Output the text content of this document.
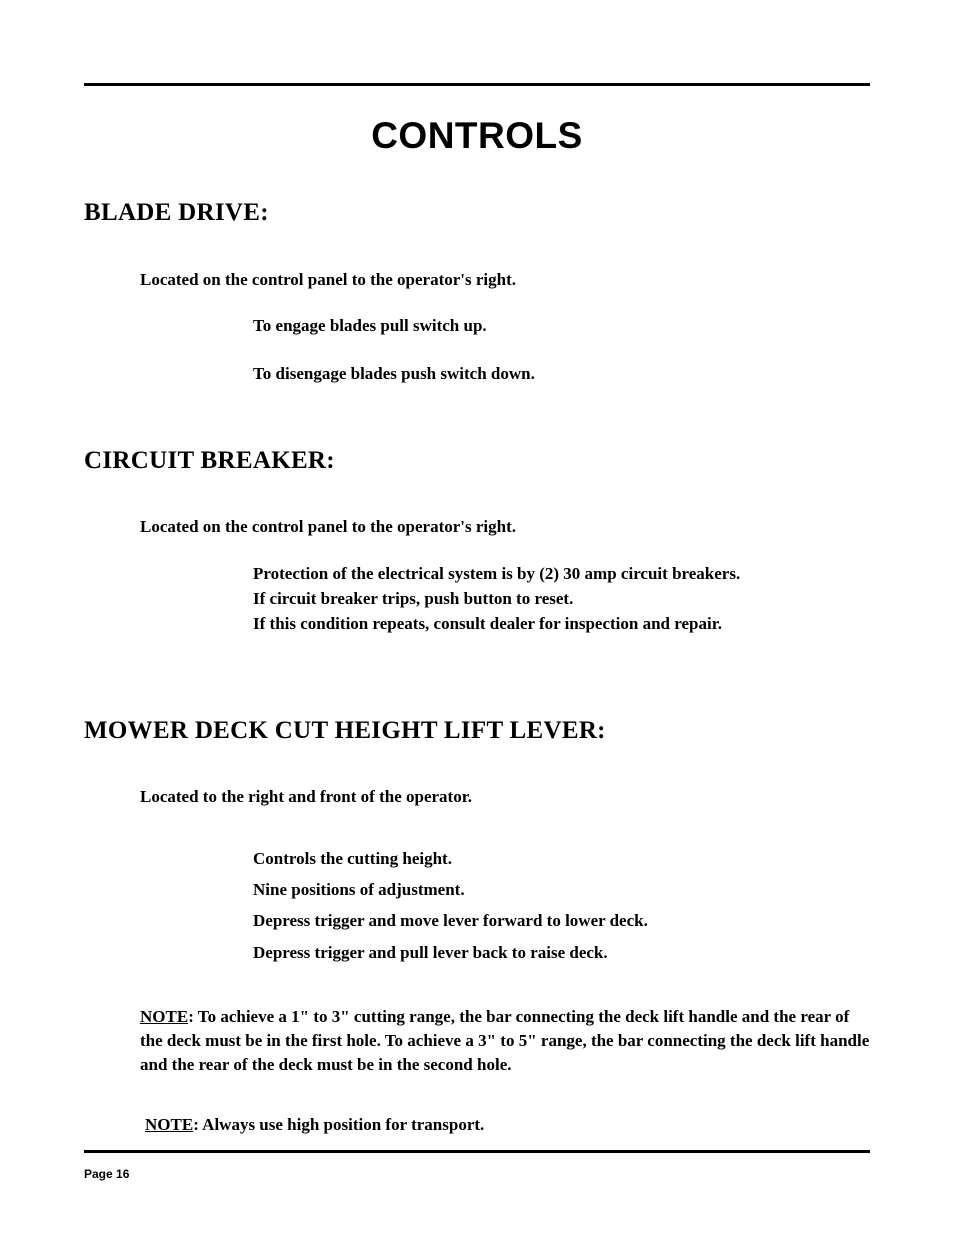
CONTROLS
BLADE DRIVE:

Located on the control panel to the operator's right.

To engage blades pull switch up.

To disengage blades push switch down.

CIRCUIT BREAKER:

Located on the control panel to the operator's right.

Protection of the electrical system is by (2) 30 amp circuit breakers.

If circuit breaker trips, push button to reset.

If this condition repeats, consult dealer for inspection and repair.

MOWER DECK CUT HEIGHT LIFT LEVER:

Located to the right and front of the operator.

Controls the cutting height.

Nine positions of adjustment.

Depress trigger and move lever forward to lower deck.

Depress trigger and pull lever back to raise deck.

NOTE: To achieve a 1" to 3" cutting range, the bar connecting the deck lift handle and the rear of the deck must be in the first hole. To achieve a 3" to 5" range, the bar connecting the deck lift handle and the rear of the deck must be in the second hole.

NOTE: Always use high position for transport.

Page 16
